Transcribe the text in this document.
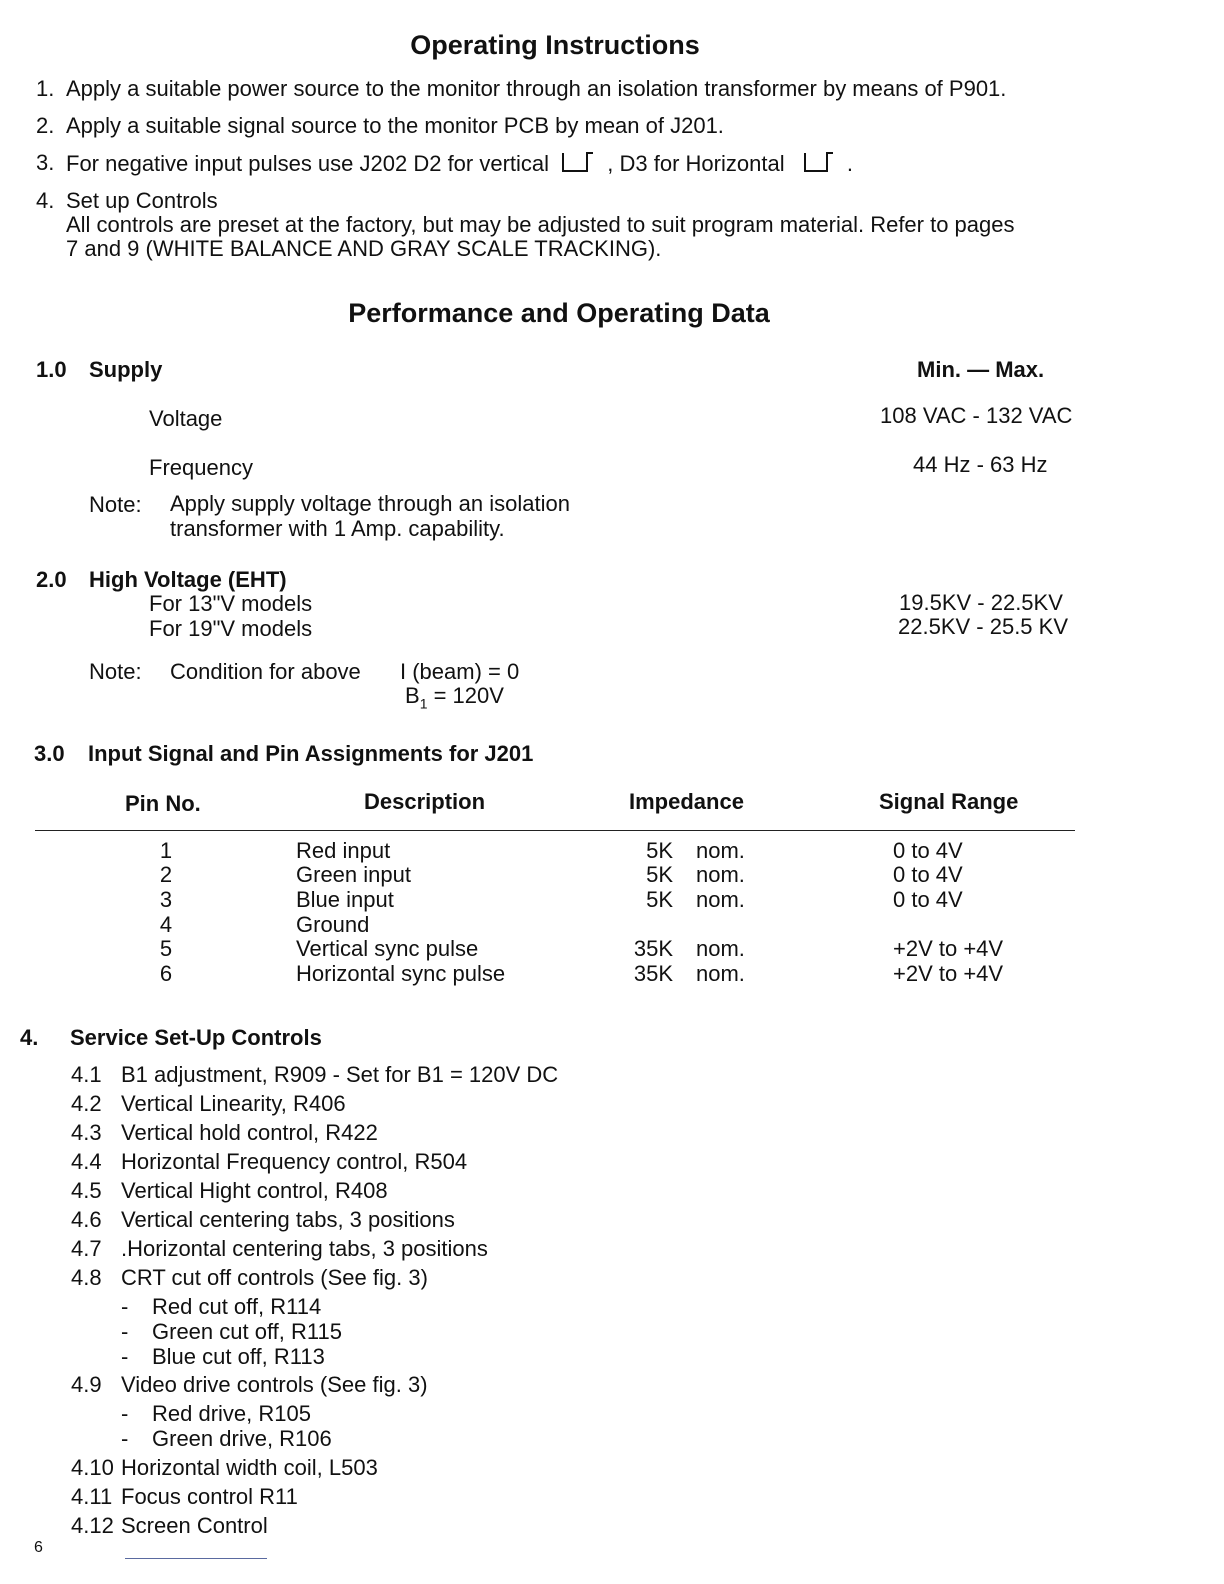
Operating Instructions
1. Apply a suitable power source to the monitor through an isolation transformer by means of P901.
2. Apply a suitable signal source to the monitor PCB by mean of J201.
3. For negative input pulses use J202 D2 for vertical	, D3 for Horizontal	.
4. Set up Controls
All controls are preset at the factory, but may be adjusted to suit program material. Refer to pages
7 and 9 (WHITE BALANCE AND GRAY SCALE TRACKING).
Performance and Operating Data
1.0 Supply	Min. — Max.
Voltage	108 VAC - 132 VAC
Frequency	44 Hz - 63 Hz
Note: Apply supply voltage through an isolation
transformer with 1 Amp. capability.
2.0 High Voltage (EHT)
For 13"V models	19.5KV - 22.5KV
For 19"V models	22.5KV - 25.5 KV
Note: Condition for above I (beam) = 0
$B_1 = 120V$
3.0 Input Signal and Pin Assignments for J201
Pin No.	Description	Impedance	Signal Range
1	Red input	5K nom.	0 to 4V
2	Green input	5K nom.	0 to 4V
3	Blue input	5K nom.	0 to 4V
4	Ground
5	Vertical sync pulse	35K nom.	+2V to +4V
6	Horizontal sync pulse	35K nom.	+2V to +4V
4. Service Set-Up Controls
4.1 B1 adjustment, R909 - Set for B1 = 120V DC
4.2 Vertical Linearity, R406
4.3 Vertical hold control, R422
4.4 Horizontal Frequency control, R504
4.5 Vertical Hight control, R408
4.6 Vertical centering tabs, 3 positions
4.7 .Horizontal centering tabs, 3 positions
4.8 CRT cut off controls (See fig. 3)
- Red cut off, R114
- Green cut off, R115
- Blue cut off, R113
4.9 Video drive controls (See fig. 3)
- Red drive, R105
- Green drive, R106
4.10 Horizontal width coil, L503
4.11 Focus control R11
4.12 Screen Control
6
